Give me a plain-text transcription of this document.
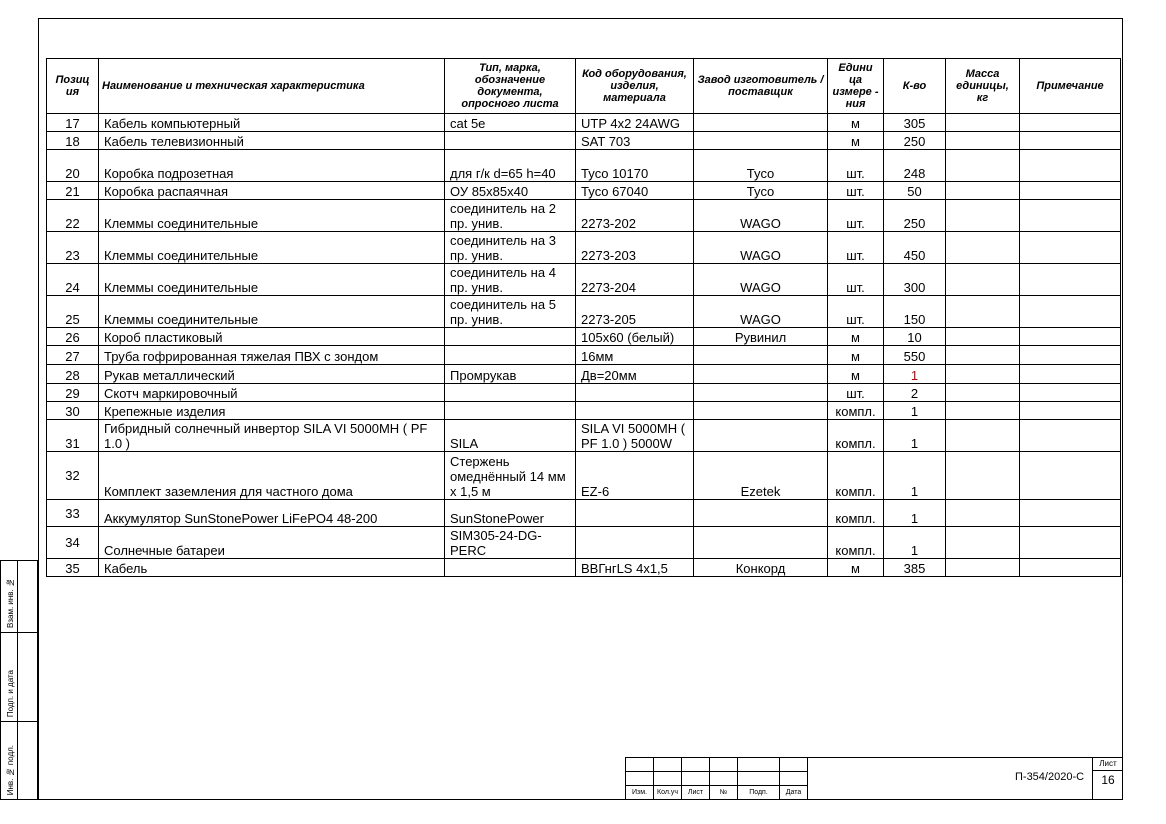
Взам. инв. №
Подп. и дата
Инв. № подл.
Позиц ия	Наименование и техническая характеристика	Тип, марка, обозначение документа, опросного листа	Код оборудования, изделия, материала	Завод изготовитель / поставщик	Едини ца измере - ния	К-во	Масса единицы, кг	Примечание
17	Кабель компьютерный	cat 5e	UTP 4x2 24AWG		м	305		
18	Кабель телевизионный		SAT 703		м	250		
20	Коробка подрозетная	для г/к d=65 h=40	Tyco 10170	Tyco	шт.	248		
21	Коробка распаячная	ОУ 85х85х40	Tyco 67040	Tyco	шт.	50		
22	Клеммы соединительные	соединитель на 2 пр. унив.	2273-202	WAGO	шт.	250		
23	Клеммы соединительные	соединитель на 3 пр. унив.	2273-203	WAGO	шт.	450		
24	Клеммы соединительные	соединитель на 4 пр. унив.	2273-204	WAGO	шт.	300		
25	Клеммы соединительные	соединитель на 5 пр. унив.	2273-205	WAGO	шт.	150		
26	Короб пластиковый		105х60 (белый)	Рувинил	м	10		
27	Труба гофрированная тяжелая ПВХ с зондом		16мм		м	550		
28	Рукав металлический	Промрукав	Дв=20мм		м	1		
29	Скотч маркировочный				шт.	2		
30	Крепежные изделия				компл.	1		
31	Гибридный солнечный инвертор SILA VI 5000MH ( PF 1.0 )	SILA	SILA VI 5000MH ( PF 1.0 ) 5000W		компл.	1		
32	Комплект заземления для частного дома	Стержень омеднённый 14 мм х 1,5 м	EZ-6	Ezetek	компл.	1		
33	Аккумулятор SunStonePower LiFePO4 48-200	SunStonePower			компл.	1		
34	Солнечные батареи	SIM305-24-DG-PERC			компл.	1		
35	Кабель		ВВГнгLS 4х1,5	Конкорд	м	385		

Изм.	Кол.уч	Лист	№	Подп.	Дата
П-354/2020-С
Лист
16
